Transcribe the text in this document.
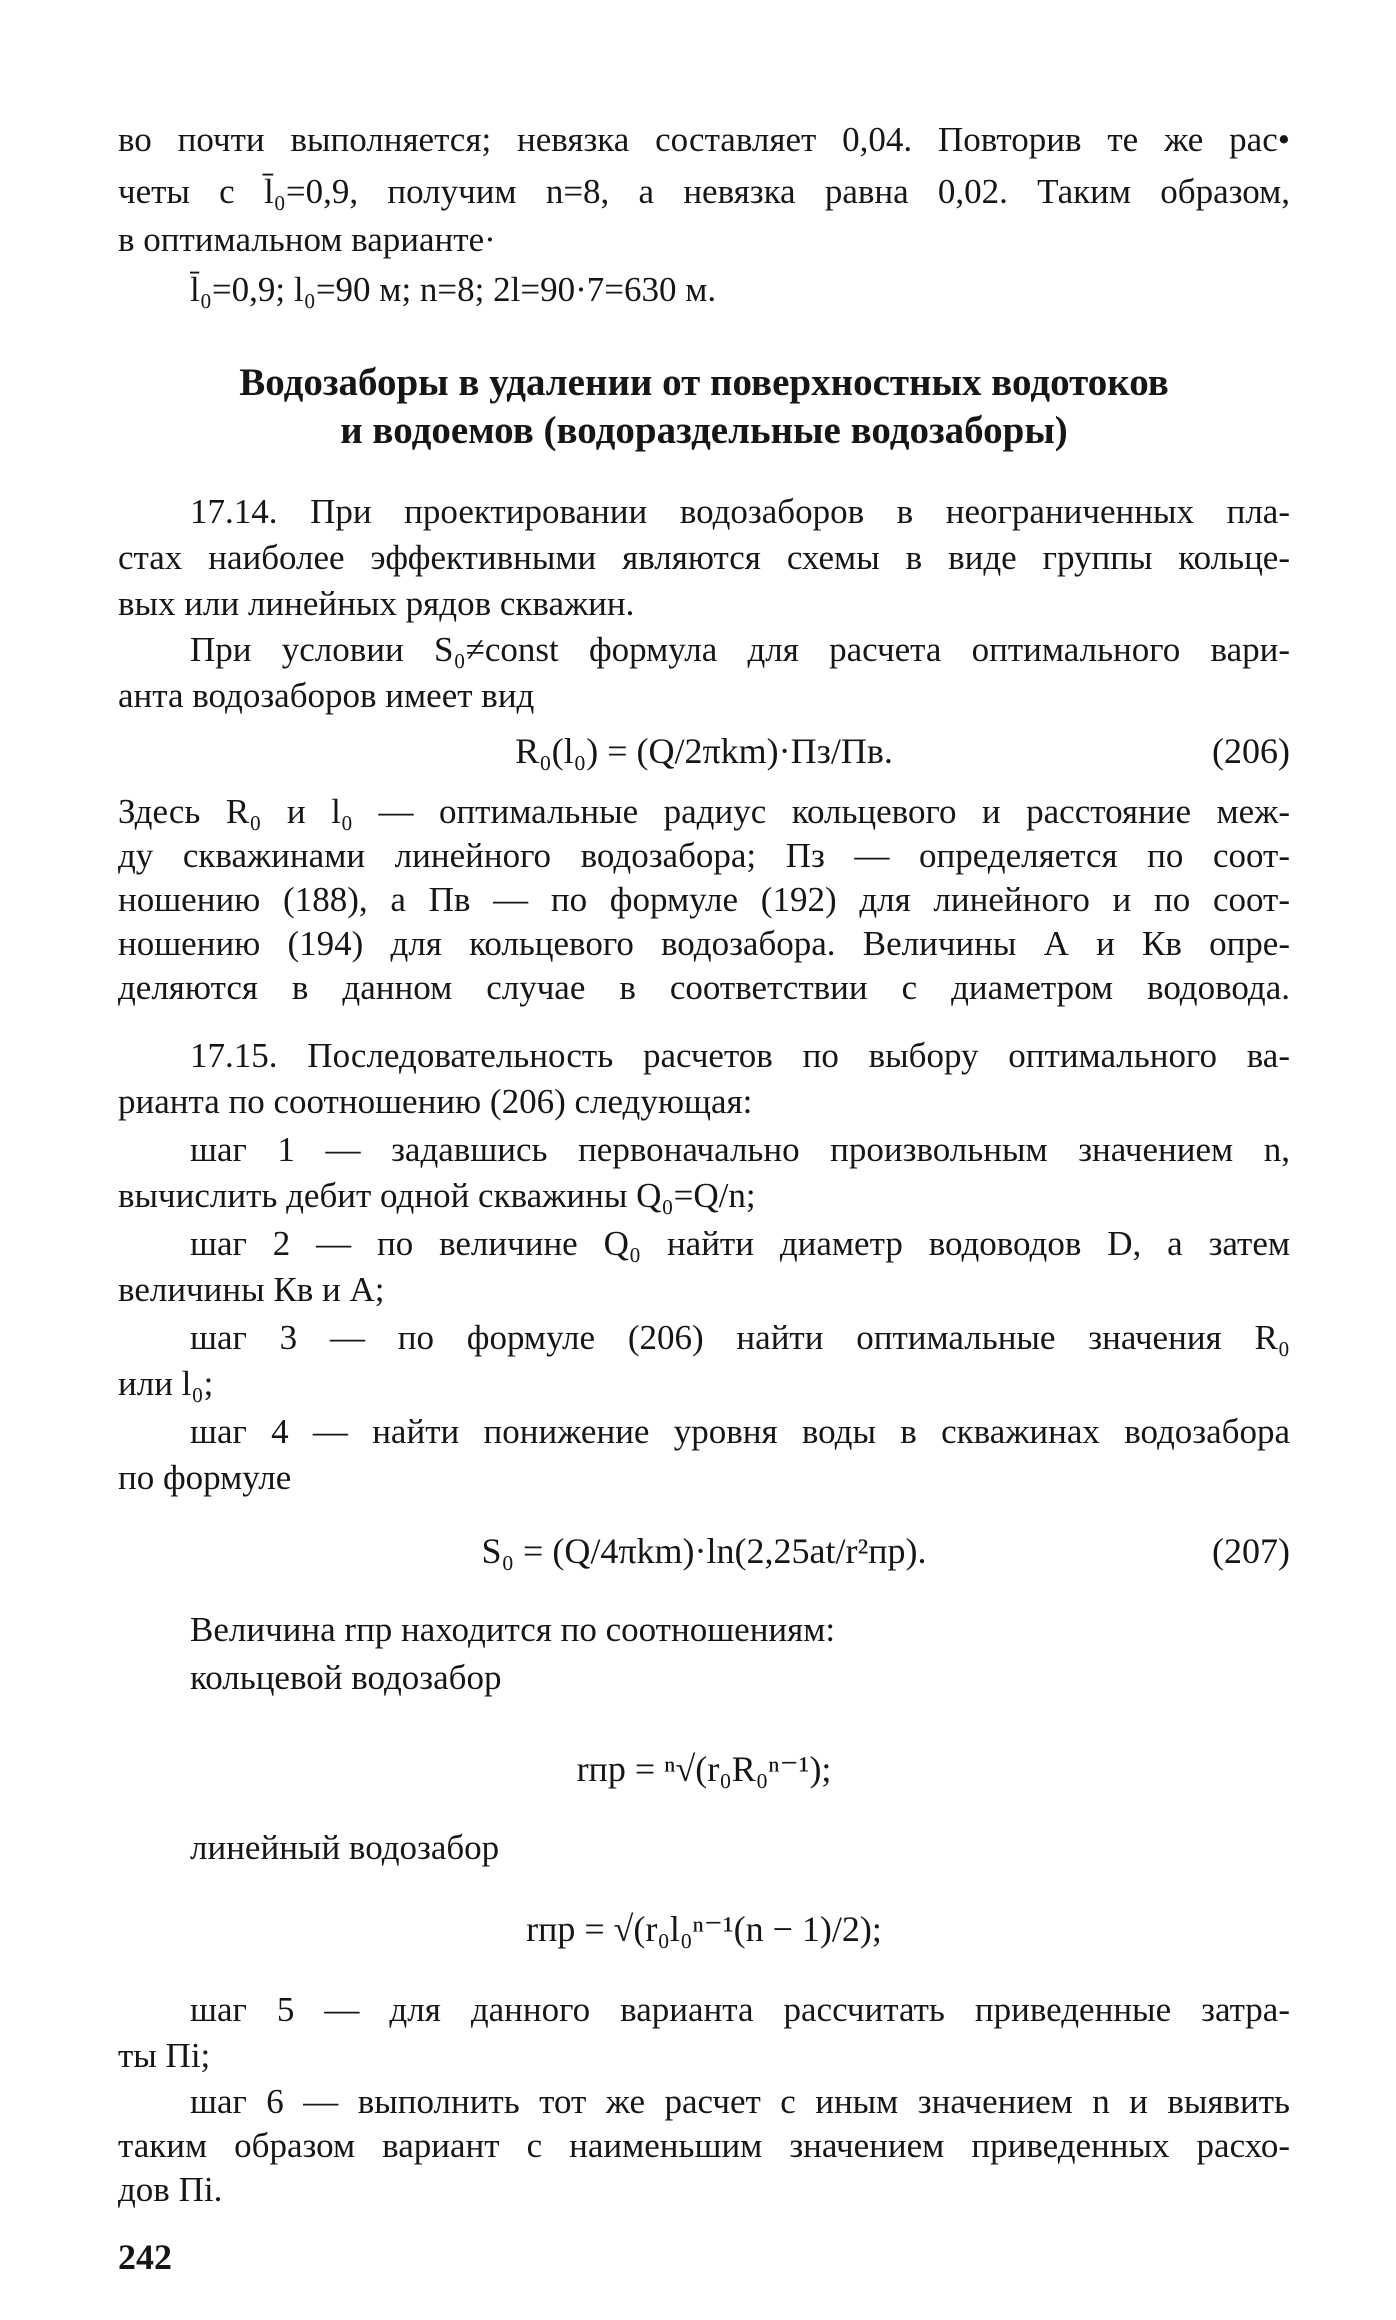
во почти выполняется; невязка составляет 0,04. Повторив те же рас•
четы с l̄₀=0,9, получим n=8, а невязка равна 0,02. Таким образом,
в оптимальном варианте·
l̄₀=0,9; l₀=90 м; n=8; 2l=90·7=630 м.
Водозаборы в удалении от поверхностных водотоков
и водоемов (водораздельные водозаборы)
17.14. При проектировании водозаборов в неограниченных пла-
стах наиболее эффективными являются схемы в виде группы кольце-
вых или линейных рядов скважин.
При условии S₀≠const формула для расчета оптимального вари-
анта водозаборов имеет вид
R₀(l₀) = (Q/2πkm)·Пз/Пв.	(206)
Здесь R₀ и l₀ — оптимальные радиус кольцевого и расстояние меж-
ду скважинами линейного водозабора; Пз — определяется по соот-
ношению (188), а Пв — по формуле (192) для линейного и по соот-
ношению (194) для кольцевого водозабора. Величины А и Кв опре-
деляются в данном случае в соответствии с диаметром водовода.
17.15. Последовательность расчетов по выбору оптимального ва-
рианта по соотношению (206) следующая:
шаг 1 — задавшись первоначально произвольным значением n,
вычислить дебит одной скважины Q₀=Q/n;
шаг 2 — по величине Q₀ найти диаметр водоводов D, а затем
величины Кв и А;
шаг 3 — по формуле (206) найти оптимальные значения R₀
или l₀;
шаг 4 — найти понижение уровня воды в скважинах водозабора
по формуле
S₀ = (Q/4πkm)·ln(2,25at/r²пр).	(207)
Величина rпр находится по соотношениям:
кольцевой водозабор
rпр = ⁿ√(r₀R₀ⁿ⁻¹);
линейный водозабор
rпр = √(r₀l₀ⁿ⁻¹(n − 1)/2);
шаг 5 — для данного варианта рассчитать приведенные затра-
ты Пi;
шаг 6 — выполнить тот же расчет с иным значением n и выявить
таким образом вариант с наименьшим значением приведенных расхо-
дов Пi.
242
